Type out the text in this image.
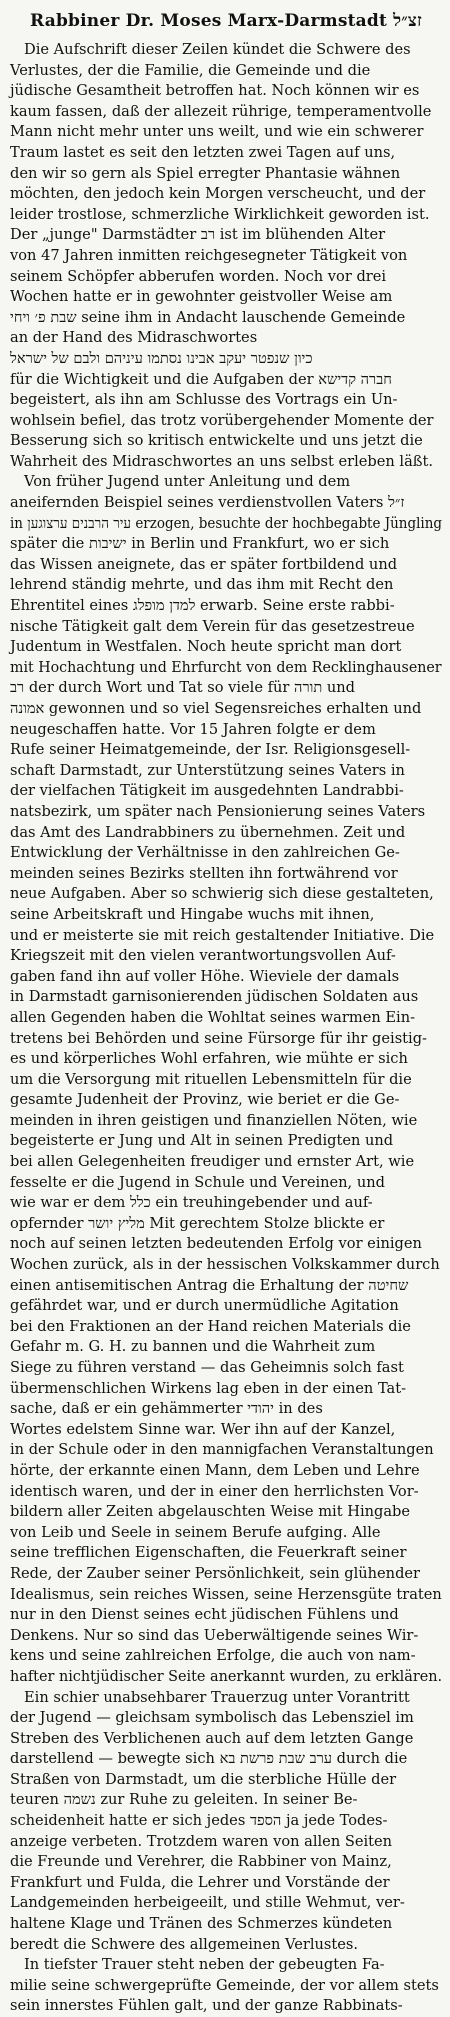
Rabbiner Dr. Moses Marx-Darmstadt זצ״ל
Die Aufschrift dieser Zeilen kündet die Schwere des
Verlustes, der die Familie, die Gemeinde und die
jüdische Gesamtheit betroffen hat. Noch können wir es
kaum fassen, daß der allezeit rührige, temperamentvolle
Mann nicht mehr unter uns weilt, und wie ein schwerer
Traum lastet es seit den letzten zwei Tagen auf uns,
den wir so gern als Spiel erregter Phantasie wähnen
möchten, den jedoch kein Morgen verscheucht, und der
leider trostlose, schmerzliche Wirklichkeit geworden ist.
Der „junge" Darmstädter רב ist im blühenden Alter
von 47 Jahren inmitten reichgesegneter Tätigkeit von
seinem Schöpfer abberufen worden. Noch vor drei
Wochen hatte er in gewohnter geistvoller Weise am
שבת פ׳ ויחי seine ihm in Andacht lauschende Gemeinde
an der Hand des Midraschwortes
כיון שנפטר יעקב אבינו נסתמו עיניהם ולבם של ישראל
für die Wichtigkeit und die Aufgaben der חברה קדישא
begeistert, als ihn am Schlusse des Vortrags ein Un-
wohlsein befiel, das trotz vorübergehender Momente der
Besserung sich so kritisch entwickelte und uns jetzt die
Wahrheit des Midraschwortes an uns selbst erleben läßt.
Von früher Jugend unter Anleitung und dem
aneifernden Beispiel seines verdienstvollen Vaters ז״ל
in עיר הרבנים ערצוגען erzogen, besuchte der hochbegabte Jüngling
später die ישיבות in Berlin und Frankfurt, wo er sich
das Wissen aneignete, das er später fortbildend und
lehrend ständig mehrte, und das ihm mit Recht den
Ehrentitel eines למדן מופלג erwarb. Seine erste rabbi-
nische Tätigkeit galt dem Verein für das gesetzestreue
Judentum in Westfalen. Noch heute spricht man dort
mit Hochachtung und Ehrfurcht von dem Recklinghausener
רב der durch Wort und Tat so viele für תורה und
אמונה gewonnen und so viel Segensreiches erhalten und
neugeschaffen hatte. Vor 15 Jahren folgte er dem
Rufe seiner Heimatgemeinde, der Isr. Religionsgesell-
schaft Darmstadt, zur Unterstützung seines Vaters in
der vielfachen Tätigkeit im ausgedehnten Landrabbi-
natsbezirk, um später nach Pensionierung seines Vaters
das Amt des Landrabbiners zu übernehmen. Zeit und
Entwicklung der Verhältnisse in den zahlreichen Ge-
meinden seines Bezirks stellten ihn fortwährend vor
neue Aufgaben. Aber so schwierig sich diese gestalteten,
seine Arbeitskraft und Hingabe wuchs mit ihnen,
und er meisterte sie mit reich gestaltender Initiative. Die
Kriegszeit mit den vielen verantwortungsvollen Auf-
gaben fand ihn auf voller Höhe. Wieviele der damals
in Darmstadt garnisonierenden jüdischen Soldaten aus
allen Gegenden haben die Wohltat seines warmen Ein-
tretens bei Behörden und seine Fürsorge für ihr geistig-
es und körperliches Wohl erfahren, wie mühte er sich
um die Versorgung mit rituellen Lebensmitteln für die
gesamte Judenheit der Provinz, wie beriet er die Ge-
meinden in ihren geistigen und finanziellen Nöten, wie
begeisterte er Jung und Alt in seinen Predigten und
bei allen Gelegenheiten freudiger und ernster Art, wie
fesselte er die Jugend in Schule und Vereinen, und
wie war er dem כלל ein treuhingebender und auf-
opfernder מליץ יושר Mit gerechtem Stolze blickte er
noch auf seinen letzten bedeutenden Erfolg vor einigen
Wochen zurück, als in der hessischen Volkskammer durch
einen antisemitischen Antrag die Erhaltung der שחיטה
gefährdet war, und er durch unermüdliche Agitation
bei den Fraktionen an der Hand reichen Materials die
Gefahr m. G. H. zu bannen und die Wahrheit zum
Siege zu führen verstand — das Geheimnis solch fast
übermenschlichen Wirkens lag eben in der einen Tat-
sache, daß er ein gehämmerter יהודי in des
Wortes edelstem Sinne war. Wer ihn auf der Kanzel,
in der Schule oder in den mannigfachen Veranstaltungen
hörte, der erkannte einen Mann, dem Leben und Lehre
identisch waren, und der in einer den herrlichsten Vor-
bildern aller Zeiten abgelauschten Weise mit Hingabe
von Leib und Seele in seinem Berufe aufging. Alle
seine trefflichen Eigenschaften, die Feuerkraft seiner
Rede, der Zauber seiner Persönlichkeit, sein glühender
Idealismus, sein reiches Wissen, seine Herzensgüte traten
nur in den Dienst seines echt jüdischen Fühlens und
Denkens. Nur so sind das Ueberwältigende seines Wir-
kens und seine zahlreichen Erfolge, die auch von nam-
hafter nichtjüdischer Seite anerkannt wurden, zu erklären.
Ein schier unabsehbarer Trauerzug unter Vorantritt
der Jugend — gleichsam symbolisch das Lebensziel im
Streben des Verblichenen auch auf dem letzten Gange
darstellend — bewegte sich ערב שבת פרשת בא durch die
Straßen von Darmstadt, um die sterbliche Hülle der
teuren נשמה zur Ruhe zu geleiten. In seiner Be-
scheidenheit hatte er sich jedes הספד ja jede Todes-
anzeige verbeten. Trotzdem waren von allen Seiten
die Freunde und Verehrer, die Rabbiner von Mainz,
Frankfurt und Fulda, die Lehrer und Vorstände der
Landgemeinden herbeigeeilt, und stille Wehmut, ver-
haltene Klage und Tränen des Schmerzes kündeten
beredt die Schwere des allgemeinen Verlustes.
In tiefster Trauer steht neben der gebeugten Fa-
milie seine schwergeprüfte Gemeinde, der vor allem stets
sein innerstes Fühlen galt, und der ganze Rabbinats-
